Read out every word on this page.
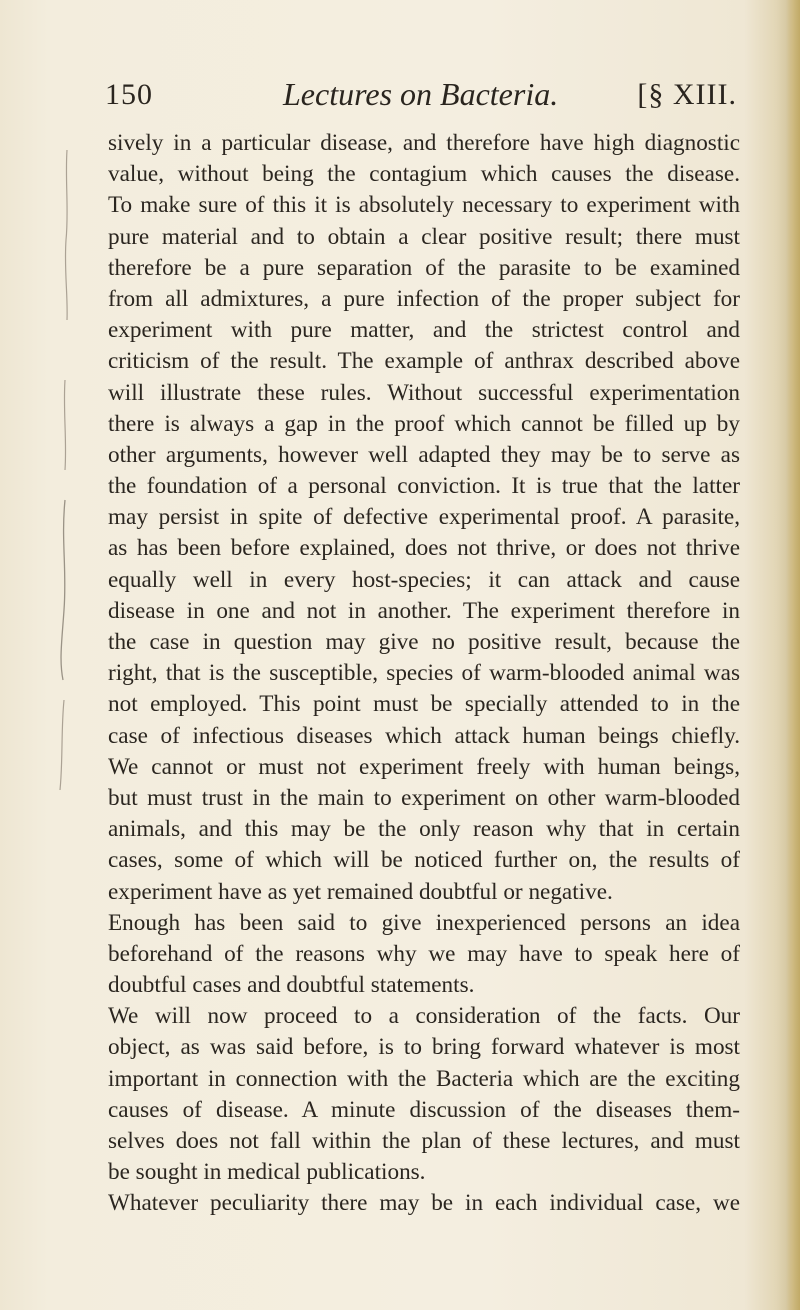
150	Lectures on Bacteria.	[§ XIII.
sively in a particular disease, and therefore have high diagnostic
value, without being the contagium which causes the disease.
To make sure of this it is absolutely necessary to experiment with
pure material and to obtain a clear positive result; there must
therefore be a pure separation of the parasite to be examined
from all admixtures, a pure infection of the proper subject for
experiment with pure matter, and the strictest control and
criticism of the result. The example of anthrax described above
will illustrate these rules. Without successful experimentation
there is always a gap in the proof which cannot be filled up by
other arguments, however well adapted they may be to serve as
the foundation of a personal conviction. It is true that the latter
may persist in spite of defective experimental proof. A parasite,
as has been before explained, does not thrive, or does not thrive
equally well in every host-species; it can attack and cause
disease in one and not in another. The experiment therefore in
the case in question may give no positive result, because the
right, that is the susceptible, species of warm-blooded animal was
not employed. This point must be specially attended to in the
case of infectious diseases which attack human beings chiefly.
We cannot or must not experiment freely with human beings,
but must trust in the main to experiment on other warm-blooded
animals, and this may be the only reason why that in certain
cases, some of which will be noticed further on, the results of
experiment have as yet remained doubtful or negative.
Enough has been said to give inexperienced persons an idea
beforehand of the reasons why we may have to speak here of
doubtful cases and doubtful statements.
We will now proceed to a consideration of the facts. Our
object, as was said before, is to bring forward whatever is most
important in connection with the Bacteria which are the exciting
causes of disease. A minute discussion of the diseases them-
selves does not fall within the plan of these lectures, and must
be sought in medical publications.
Whatever peculiarity there may be in each individual case, we
